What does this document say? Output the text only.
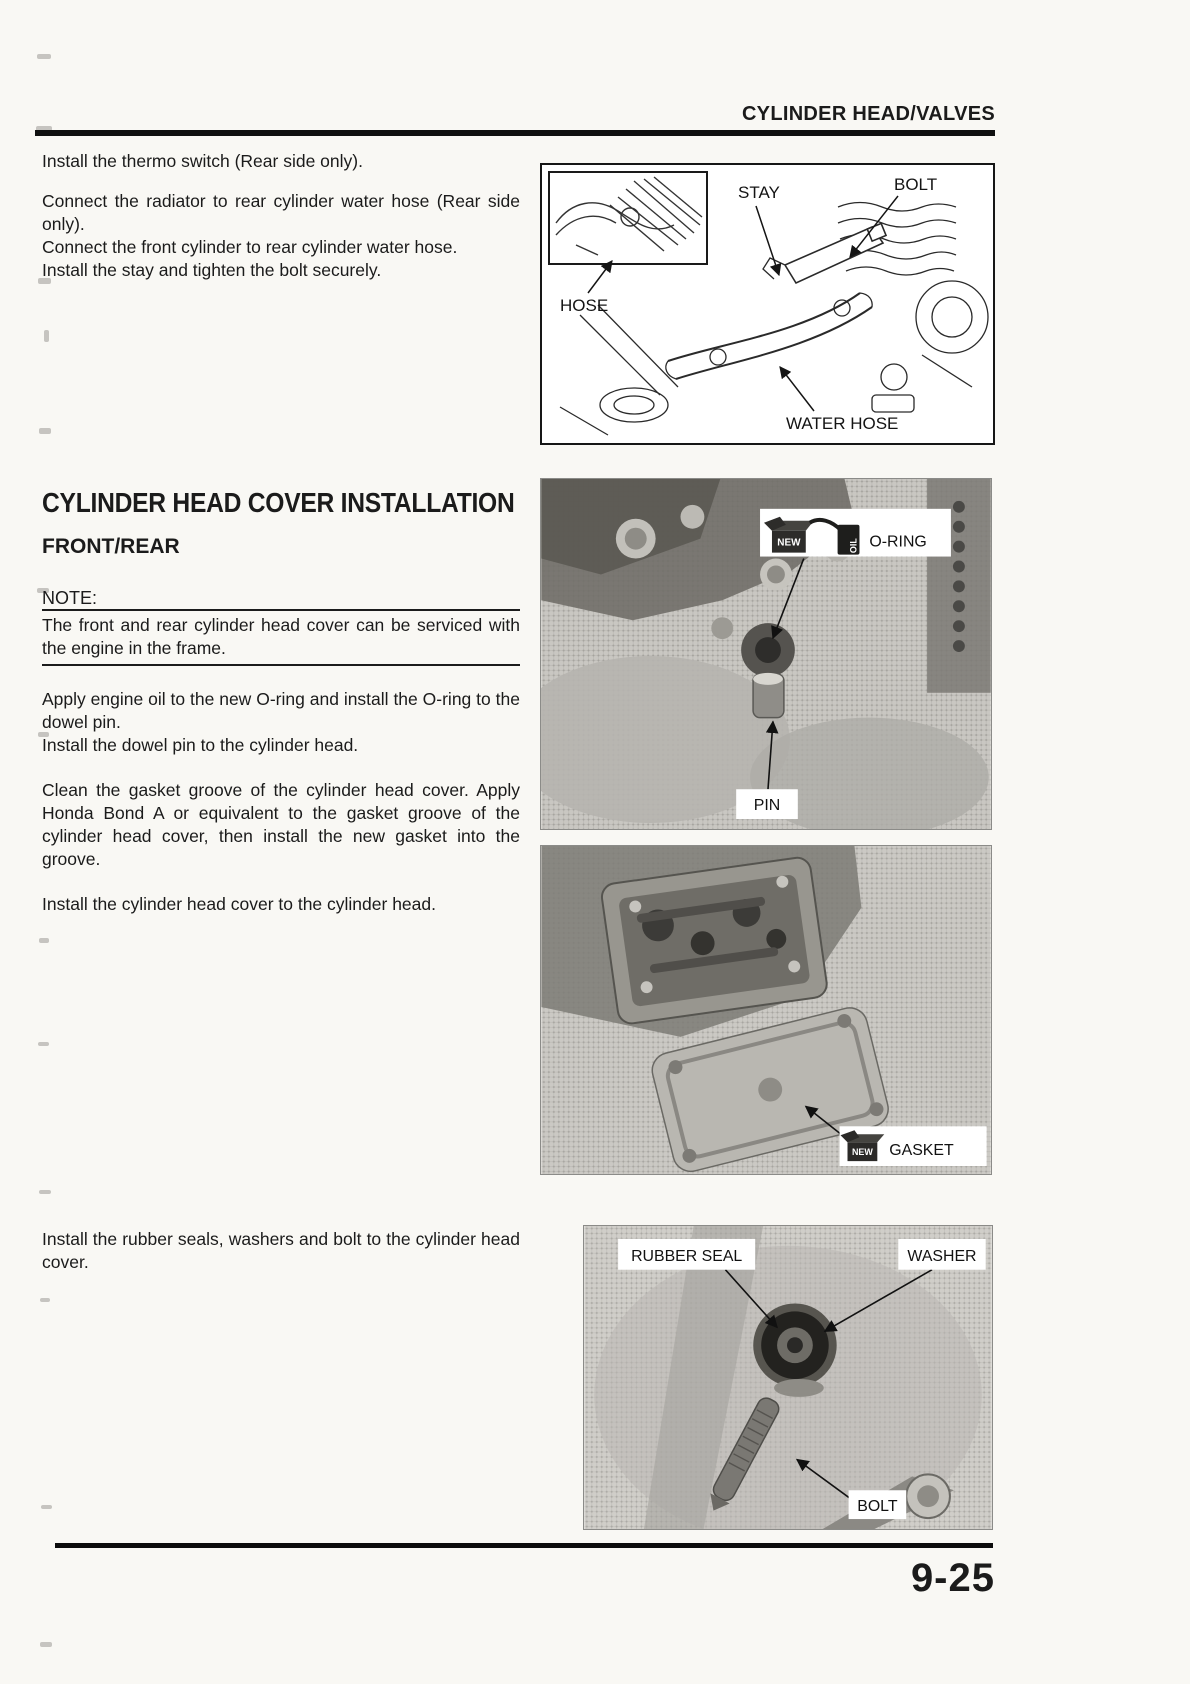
CYLINDER HEAD/VALVES

Install the thermo switch (Rear side only).

Connect the radiator to rear cylinder water hose (Rear side only).

Connect the front cylinder to rear cylinder water hose.

Install the stay and tighten the bolt securely.

STAY	BOLT
HOSE
WATER HOSE
CYLINDER HEAD COVER INSTALLATION
FRONT/REAR
NOTE:

The front and rear cylinder head cover can be serviced with the engine in the frame.

Apply engine oil to the new O-ring and install the O-ring to the dowel pin.

Install the dowel pin to the cylinder head.

Clean the gasket groove of the cylinder head cover. Apply Honda Bond A or equivalent to the gasket groove of the cylinder head cover, then install the new gasket into the groove.

Install the cylinder head cover to the cylinder head.

Install the rubber seals, washers and bolt to the cylinder head cover.

NEW	OIL O-RING
PIN
NEW GASKET
RUBBER SEAL	WASHER
BOLT
9-25
